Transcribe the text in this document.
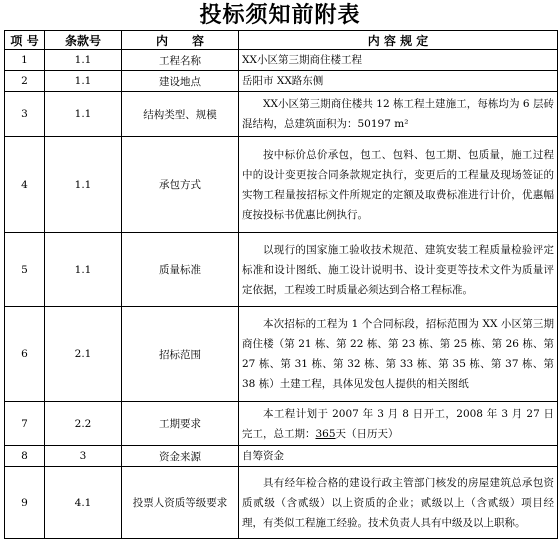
投标须知前附表
项 号	条款号	内　　容	内 容 规 定
1	1.1	工程名称	XX小区第三期商住楼工程
2	1.1	建设地点	岳阳市 XX路东侧
3	1.1	结构类型、规模	XX小区第三期商住楼共 12 栋工程土建施工，每栋均为 6 层砖混结构，总建筑面积为：50197 m²
4	1.1	承包方式	按中标价总价承包，包工、包料、包工期、包质量，施工过程中的设计变更按合同条款规定执行，变更后的工程量及现场签证的实物工程量按招标文件所规定的定额及取费标准进行计价，优惠幅度按投标书优惠比例执行。
5	1.1	质量标准	以现行的国家施工验收技术规范、建筑安装工程质量检验评定标准和设计图纸、施工设计说明书、设计变更等技术文件为质量评定依据，工程竣工时质量必须达到合格工程标准。
6	2.1	招标范围	本次招标的工程为 1 个合同标段，招标范围为 XX 小区第三期商住楼（第 21 栋、第 22 栋、第 23 栋、第 25 栋、第 26 栋、第 27 栋、第 31 栋、第 32 栋、第 33 栋、第 35 栋、第 37 栋、第 38 栋）土建工程，具体见发包人提供的相关图纸
7	2.2	工期要求	本工程计划于 2007 年 3 月 8 日开工，2008 年 3 月 27 日完工，总工期：365天（日历天）
8	3	资金来源	自筹资金
9	4.1	投票人资质等级要求	具有经年检合格的建设行政主管部门核发的房屋建筑总承包资质贰级（含贰级）以上资质的企业；贰级以上（含贰级）项目经理，有类似工程施工经验。技术负责人具有中级及以上职称。
